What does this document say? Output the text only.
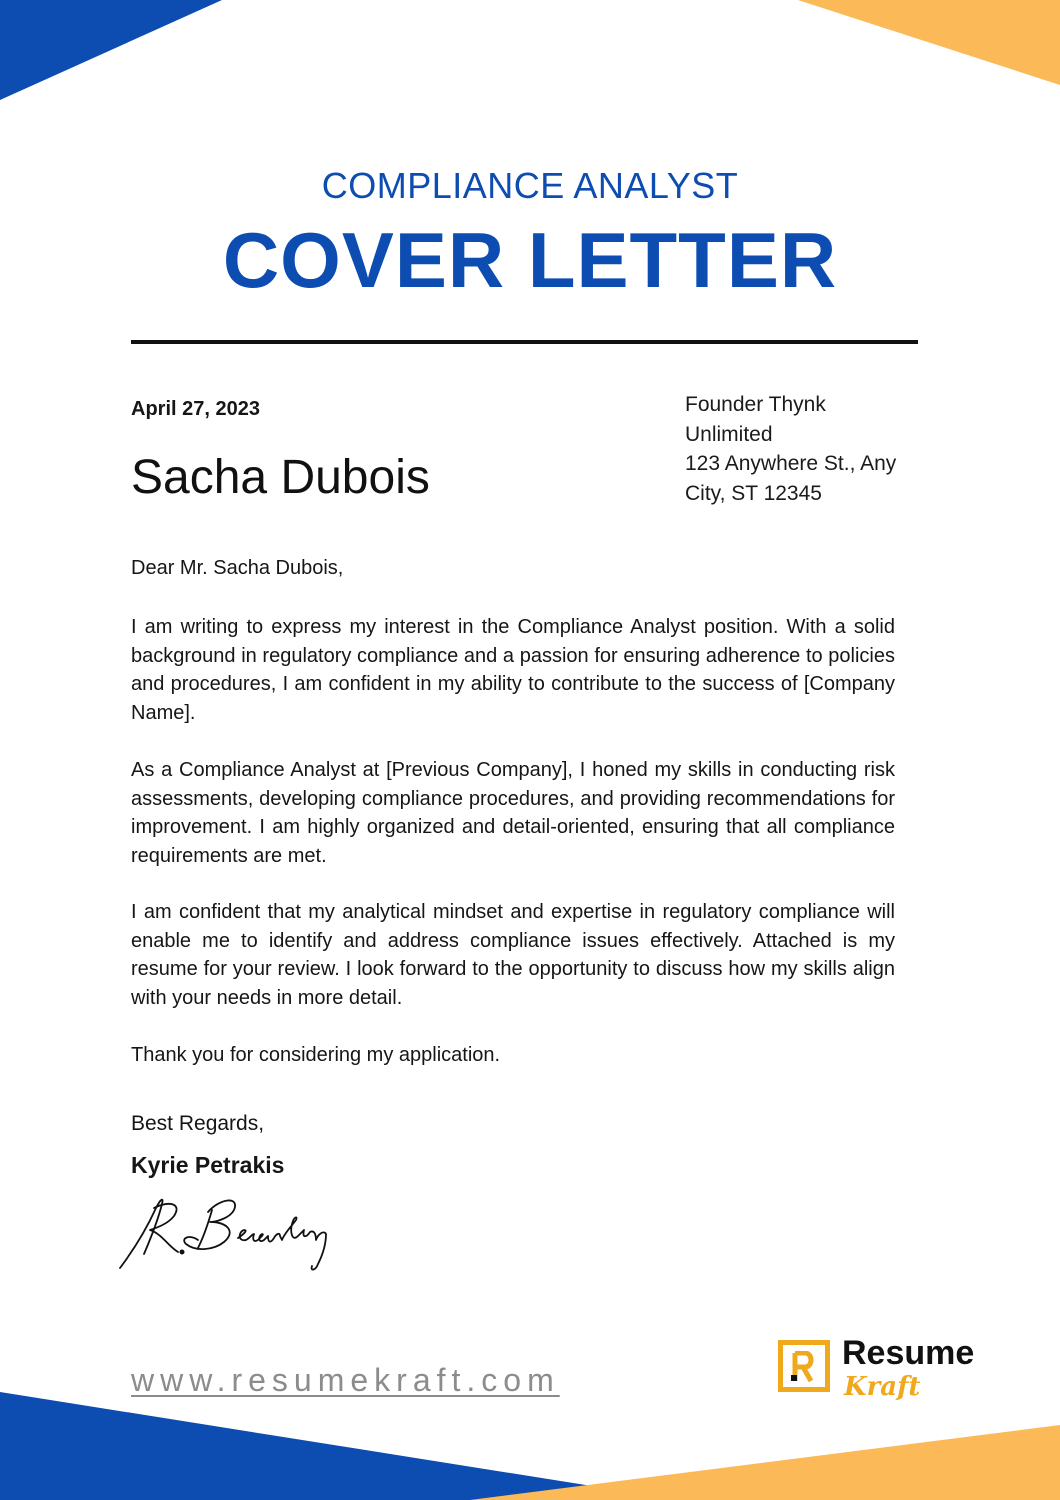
COMPLIANCE ANALYST
COVER LETTER
April 27, 2023
Sacha Dubois
Founder Thynk
Unlimited
123 Anywhere St., Any
City, ST 12345
Dear Mr. Sacha Dubois,

I am writing to express my interest in the Compliance Analyst position. With a solid background in regulatory compliance and a passion for ensuring adherence to policies and procedures, I am confident in my ability to contribute to the success of [Company Name].

As a Compliance Analyst at [Previous Company], I honed my skills in conducting risk assessments, developing compliance procedures, and providing recommendations for improvement. I am highly organized and detail-oriented, ensuring that all compliance requirements are met.

I am confident that my analytical mindset and expertise in regulatory compliance will enable me to identify and address compliance issues effectively. Attached is my resume for your review. I look forward to the opportunity to discuss how my skills align with your needs in more detail.

Thank you for considering my application.

Best Regards,
Kyrie Petrakis
www.resumekraft.com
Resume
Kraft
